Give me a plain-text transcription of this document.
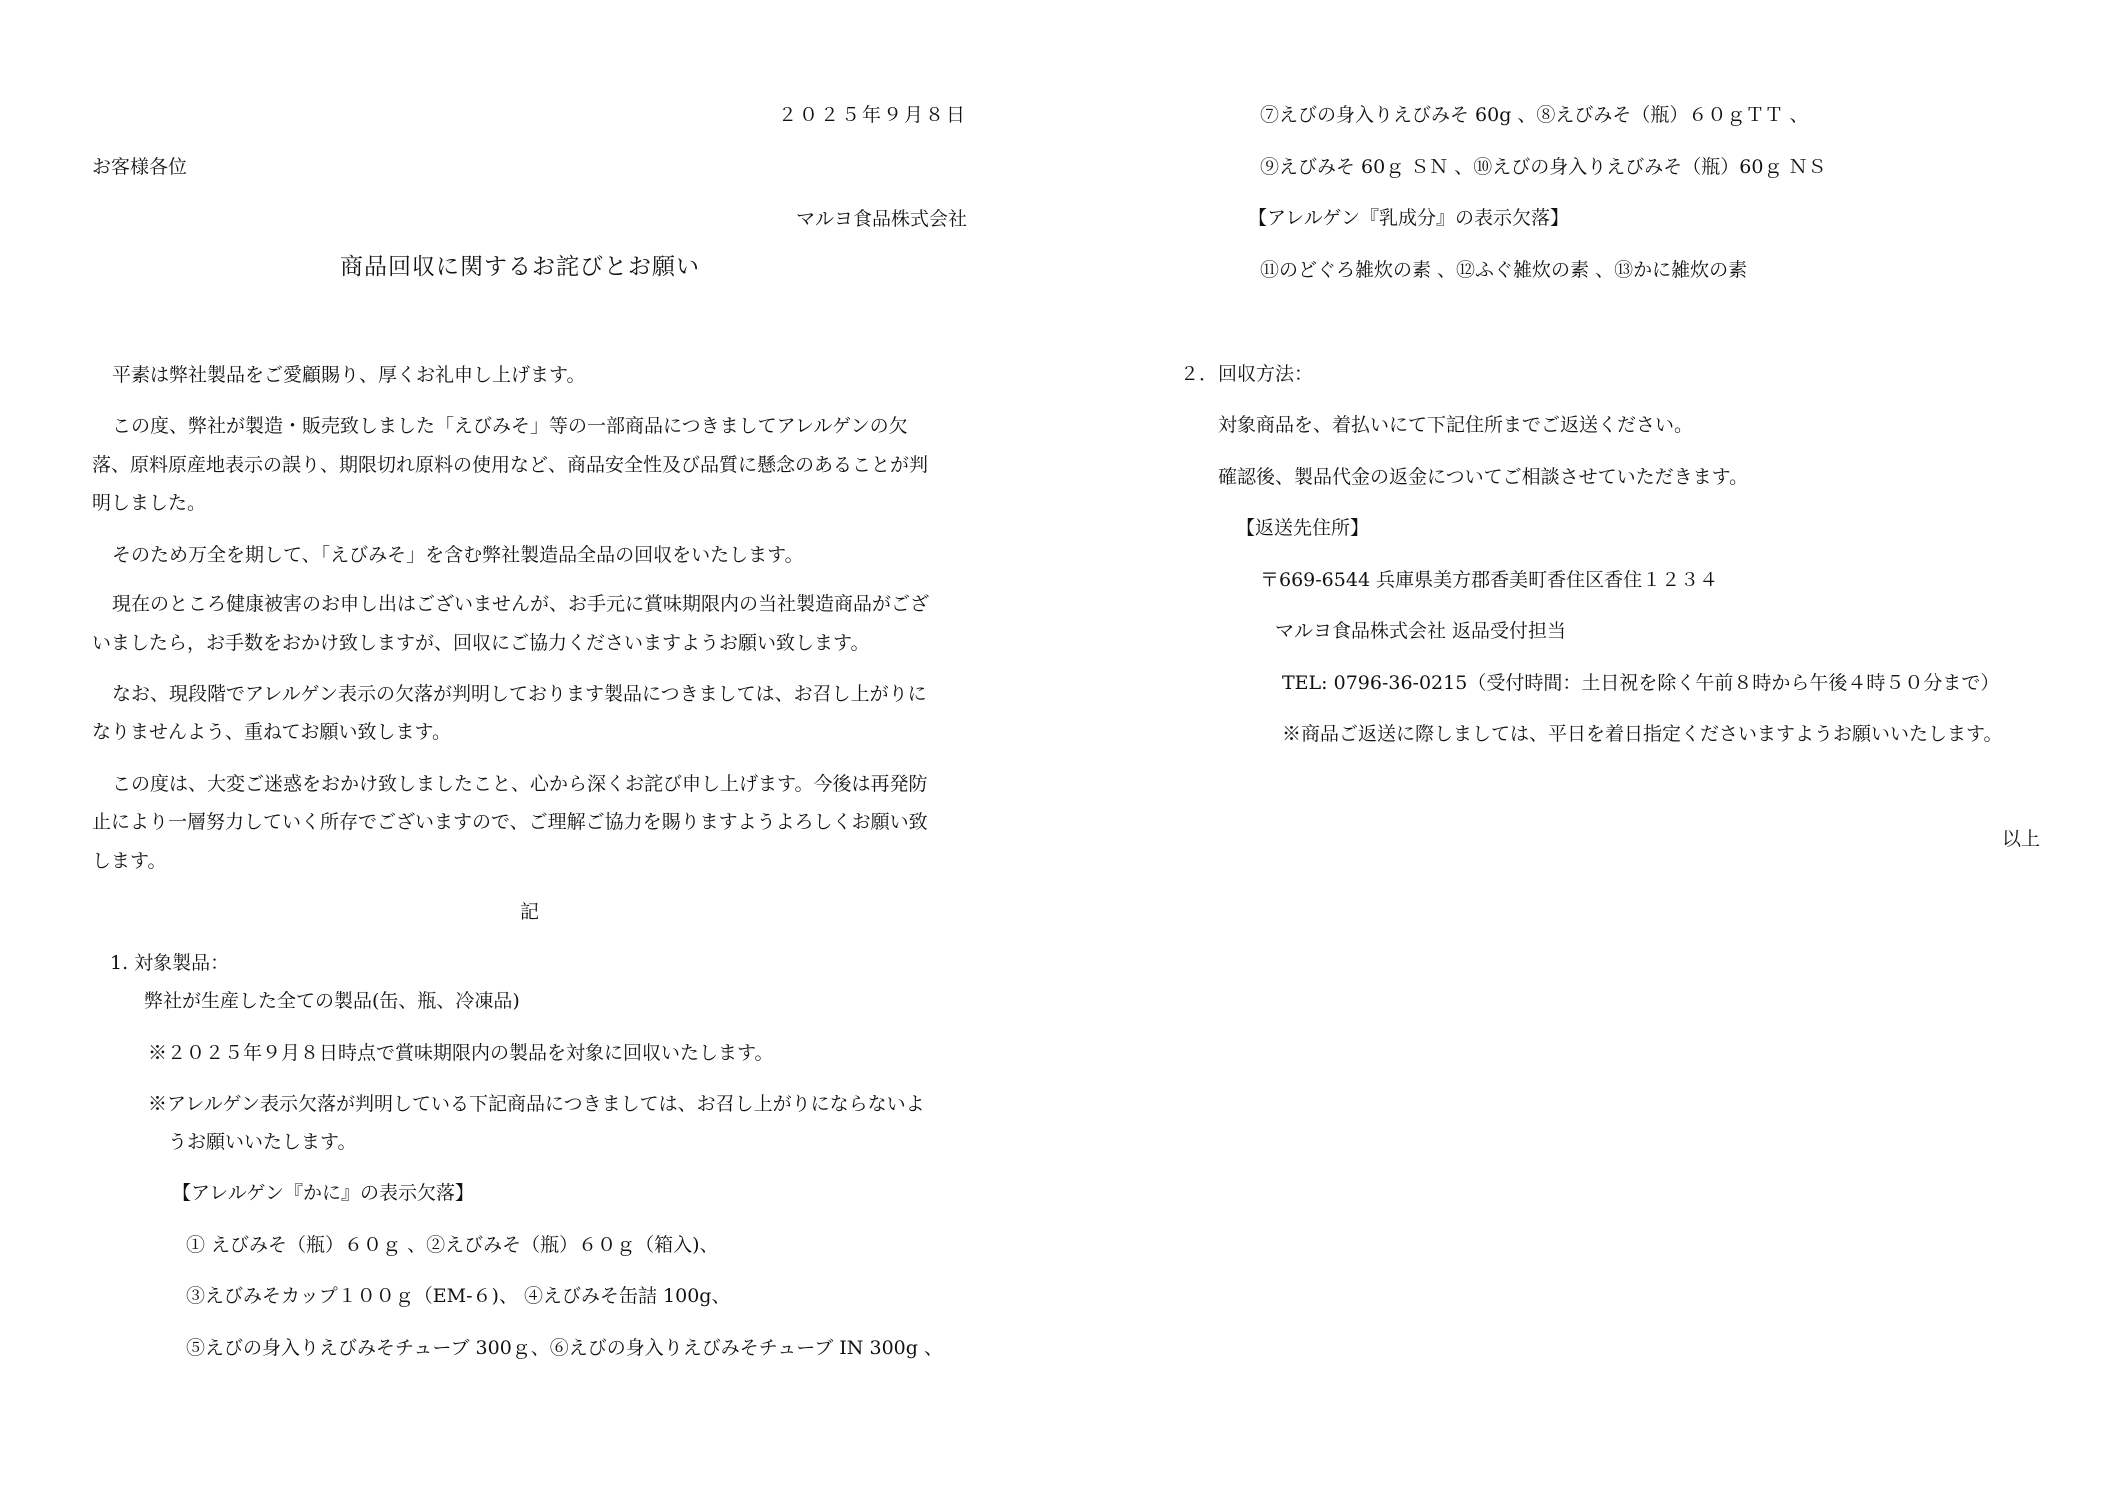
２０２５年９月８日
お客様各位
マルヨ食品株式会社
商品回収に関するお詫びとお願い
平素は弊社製品をご愛顧賜り、厚くお礼申し上げます。
この度、弊社が製造・販売致しました「えびみそ」等の一部商品につきましてアレルゲンの欠
落、原料原産地表示の誤り、期限切れ原料の使用など、商品安全性及び品質に懸念のあることが判
明しました。
そのため万全を期して、「えびみそ」を含む弊社製造品全品の回収をいたします。
現在のところ健康被害のお申し出はございませんが、お手元に賞味期限内の当社製造商品がござ
いましたら，お手数をおかけ致しますが、回収にご協力くださいますようお願い致します。
なお、現段階でアレルゲン表示の欠落が判明しております製品につきましては、お召し上がりに
なりませんよう、重ねてお願い致します。
この度は、大変ご迷惑をおかけ致しましたこと、心から深くお詫び申し上げます。今後は再発防
止により一層努力していく所存でございますので、ご理解ご協力を賜りますようよろしくお願い致
します。
記
1. 対象製品：
弊社が生産した全ての製品(缶、瓶、冷凍品)
※２０２５年９月８日時点で賞味期限内の製品を対象に回収いたします。
※アレルゲン表示欠落が判明している下記商品につきましては、お召し上がりにならないよ
うお願いいたします。
【アレルゲン『かに』の表示欠落】
① えびみそ（瓶）６０ｇ 、②えびみそ（瓶）６０ｇ（箱入)、
③えびみそカップ１００ｇ（EM‐６)、 ④えびみそ缶詰 100g、
⑤えびの身入りえびみそチューブ 300ｇ、⑥えびの身入りえびみそチューブ IN 300g 、
⑦えびの身入りえびみそ 60g 、⑧えびみそ（瓶）６０ｇＴＴ 、
⑨えびみそ 60ｇ ＳＮ 、⑩えびの身入りえびみそ（瓶）60ｇ ＮＳ
【アレルゲン『乳成分』の表示欠落】
⑪のどぐろ雑炊の素 、⑫ふぐ雑炊の素 、⑬かに雑炊の素
２．回収方法：
対象商品を、着払いにて下記住所までご返送ください。
確認後、製品代金の返金についてご相談させていただきます。
【返送先住所】
〒669-6544 兵庫県美方郡香美町香住区香住１２３４
マルヨ食品株式会社 返品受付担当
TEL: 0796-36-0215（受付時間：土日祝を除く午前８時から午後４時５０分まで）
※商品ご返送に際しましては、平日を着日指定くださいますようお願いいたします。
以上
